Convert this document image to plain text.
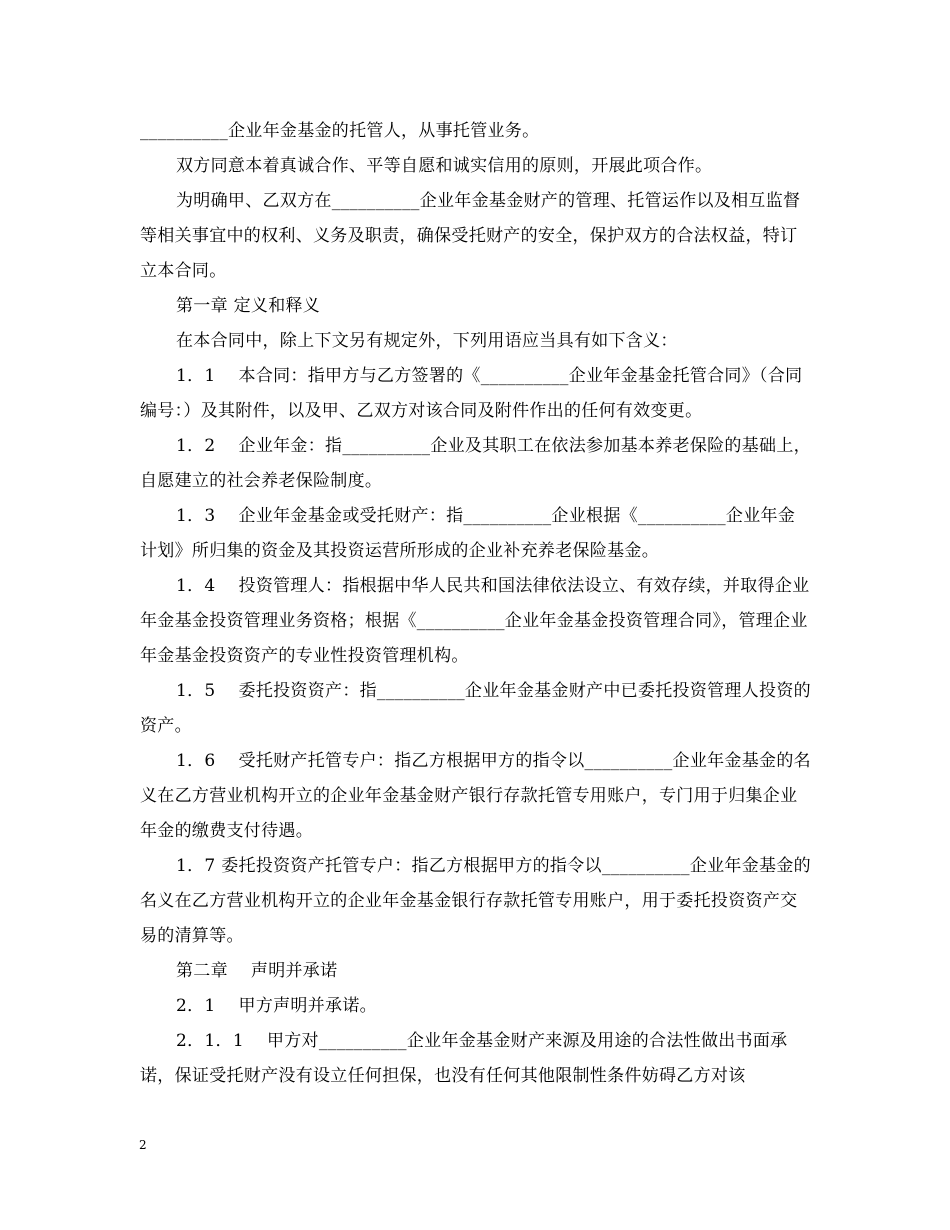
__________企业年金基金的托管人，从事托管业务。

双方同意本着真诚合作、平等自愿和诚实信用的原则，开展此项合作。

为明确甲、乙双方在__________企业年金基金财产的管理、托管运作以及相互监督等相关事宜中的权利、义务及职责，确保受托财产的安全，保护双方的合法权益，特订立本合同。

第一章 定义和释义

在本合同中，除上下文另有规定外，下列用语应当具有如下含义：

1．1　 本合同：指甲方与乙方签署的《__________企业年金基金托管合同》（合同编号：）及其附件，以及甲、乙双方对该合同及附件作出的任何有效变更。

1．2　 企业年金：指__________企业及其职工在依法参加基本养老保险的基础上，自愿建立的社会养老保险制度。

1．3　 企业年金基金或受托财产：指__________企业根据《__________企业年金计划》所归集的资金及其投资运营所形成的企业补充养老保险基金。

1．4　 投资管理人：指根据中华人民共和国法律依法设立、有效存续，并取得企业年金基金投资管理业务资格；根据《__________企业年金基金投资管理合同》，管理企业年金基金投资资产的专业性投资管理机构。

1．5　 委托投资资产：指__________企业年金基金财产中已委托投资管理人投资的资产。

1．6　 受托财产托管专户：指乙方根据甲方的指令以__________企业年金基金的名义在乙方营业机构开立的企业年金基金财产银行存款托管专用账户，专门用于归集企业年金的缴费支付待遇。

1．7 委托投资资产托管专户：指乙方根据甲方的指令以__________企业年金基金的名义在乙方营业机构开立的企业年金基金银行存款托管专用账户，用于委托投资资产交易的清算等。

第二章　 声明并承诺

2．1　 甲方声明并承诺。

2．1．1　 甲方对__________企业年金基金财产来源及用途的合法性做出书面承诺，保证受托财产没有设立任何担保，也没有任何其他限制性条件妨碍乙方对该

2
